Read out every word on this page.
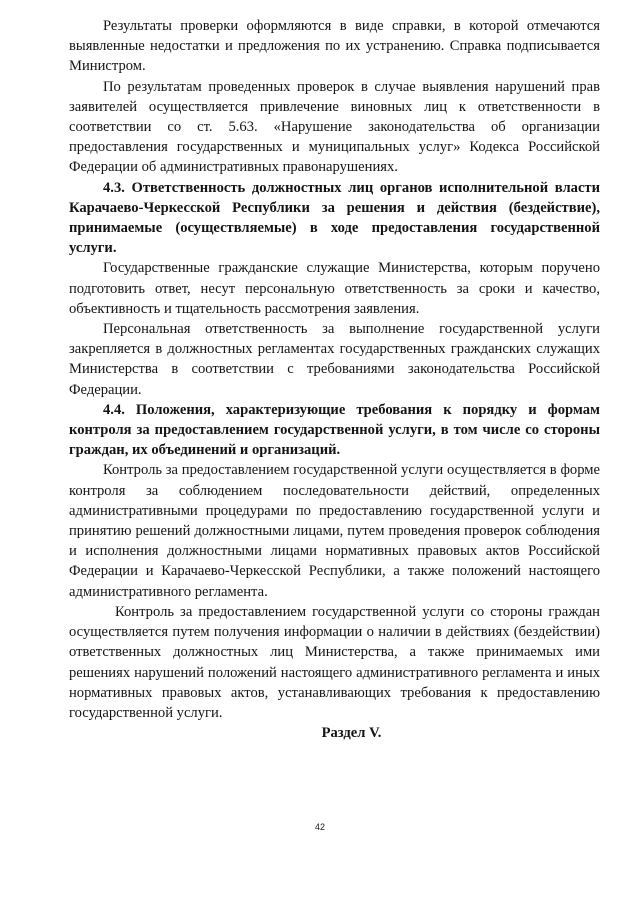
Результаты проверки оформляются в виде справки, в которой отмечаются выявленные недостатки и предложения по их устранению. Справка подписывается Министром.

По результатам проведенных проверок в случае выявления нарушений прав заявителей осуществляется привлечение виновных лиц к ответственности в соответствии со ст. 5.63. «Нарушение законодательства об организации предоставления государственных и муниципальных услуг» Кодекса Российской Федерации об административных правонарушениях.

4.3. Ответственность должностных лиц органов исполнительной власти Карачаево-Черкесской Республики за решения и действия (бездействие), принимаемые (осуществляемые) в ходе предоставления государственной услуги.

Государственные гражданские служащие Министерства, которым поручено подготовить ответ, несут персональную ответственность за сроки и качество, объективность и тщательность рассмотрения заявления.

Персональная ответственность за выполнение государственной услуги закрепляется в должностных регламентах государственных гражданских служащих Министерства в соответствии с требованиями законодательства Российской Федерации.

4.4. Положения, характеризующие требования к порядку и формам контроля за предоставлением государственной услуги, в том числе со стороны граждан, их объединений и организаций.

Контроль за предоставлением государственной услуги осуществляется в форме контроля за соблюдением последовательности действий, определенных административными процедурами по предоставлению государственной услуги и принятию решений должностными лицами, путем проведения проверок соблюдения и исполнения должностными лицами нормативных правовых актов Российской Федерации и Карачаево-Черкесской Республики, а также положений настоящего административного регламента.

Контроль за предоставлением государственной услуги со стороны граждан осуществляется путем получения информации о наличии в действиях (бездействии) ответственных должностных лиц Министерства, а также принимаемых ими решениях нарушений положений настоящего административного регламента и иных нормативных правовых актов, устанавливающих требования к предоставлению государственной услуги.

Раздел V.

42
